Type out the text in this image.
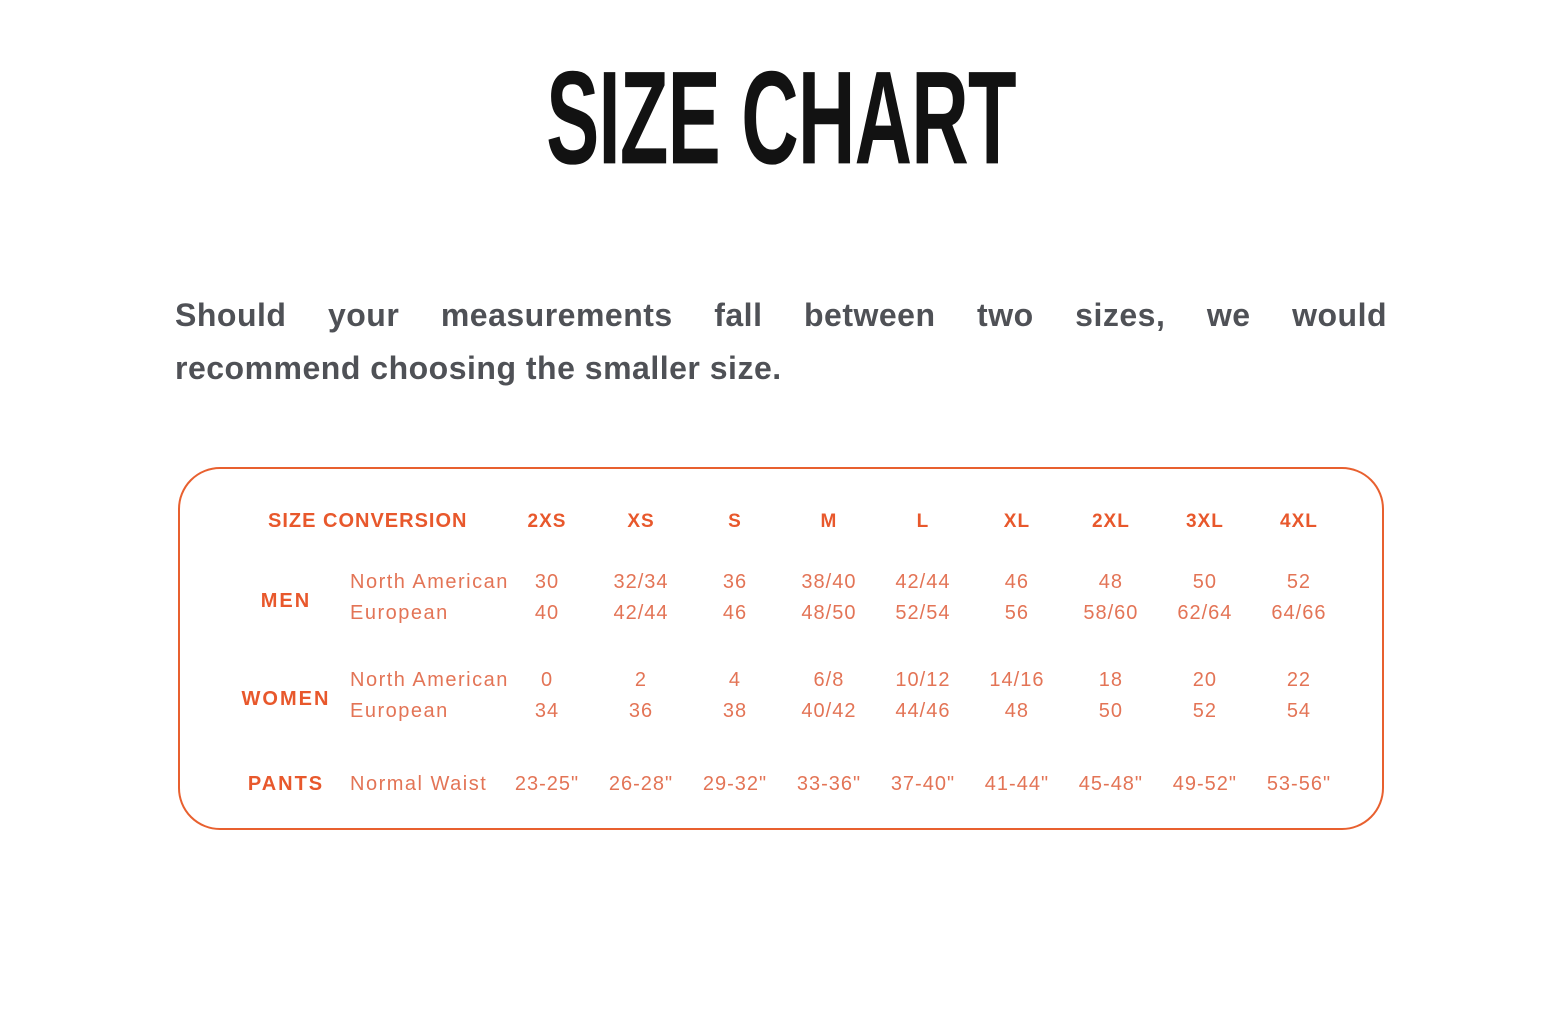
SIZE CHART

Should your measurements fall between two sizes, we would
recommend choosing the smaller size.

SIZE CONVERSION		2XS	XS	S	M	L	XL	2XL	3XL	4XL
MEN	North American	30	32/34	36	38/40	42/44	46	48	50	52
	European	40	42/44	46	48/50	52/54	56	58/60	62/64	64/66
WOMEN	North American	0	2	4	6/8	10/12	14/16	18	20	22
	European	34	36	38	40/42	44/46	48	50	52	54
PANTS	Normal Waist	23-25"	26-28"	29-32"	33-36"	37-40"	41-44"	45-48"	49-52"	53-56"
